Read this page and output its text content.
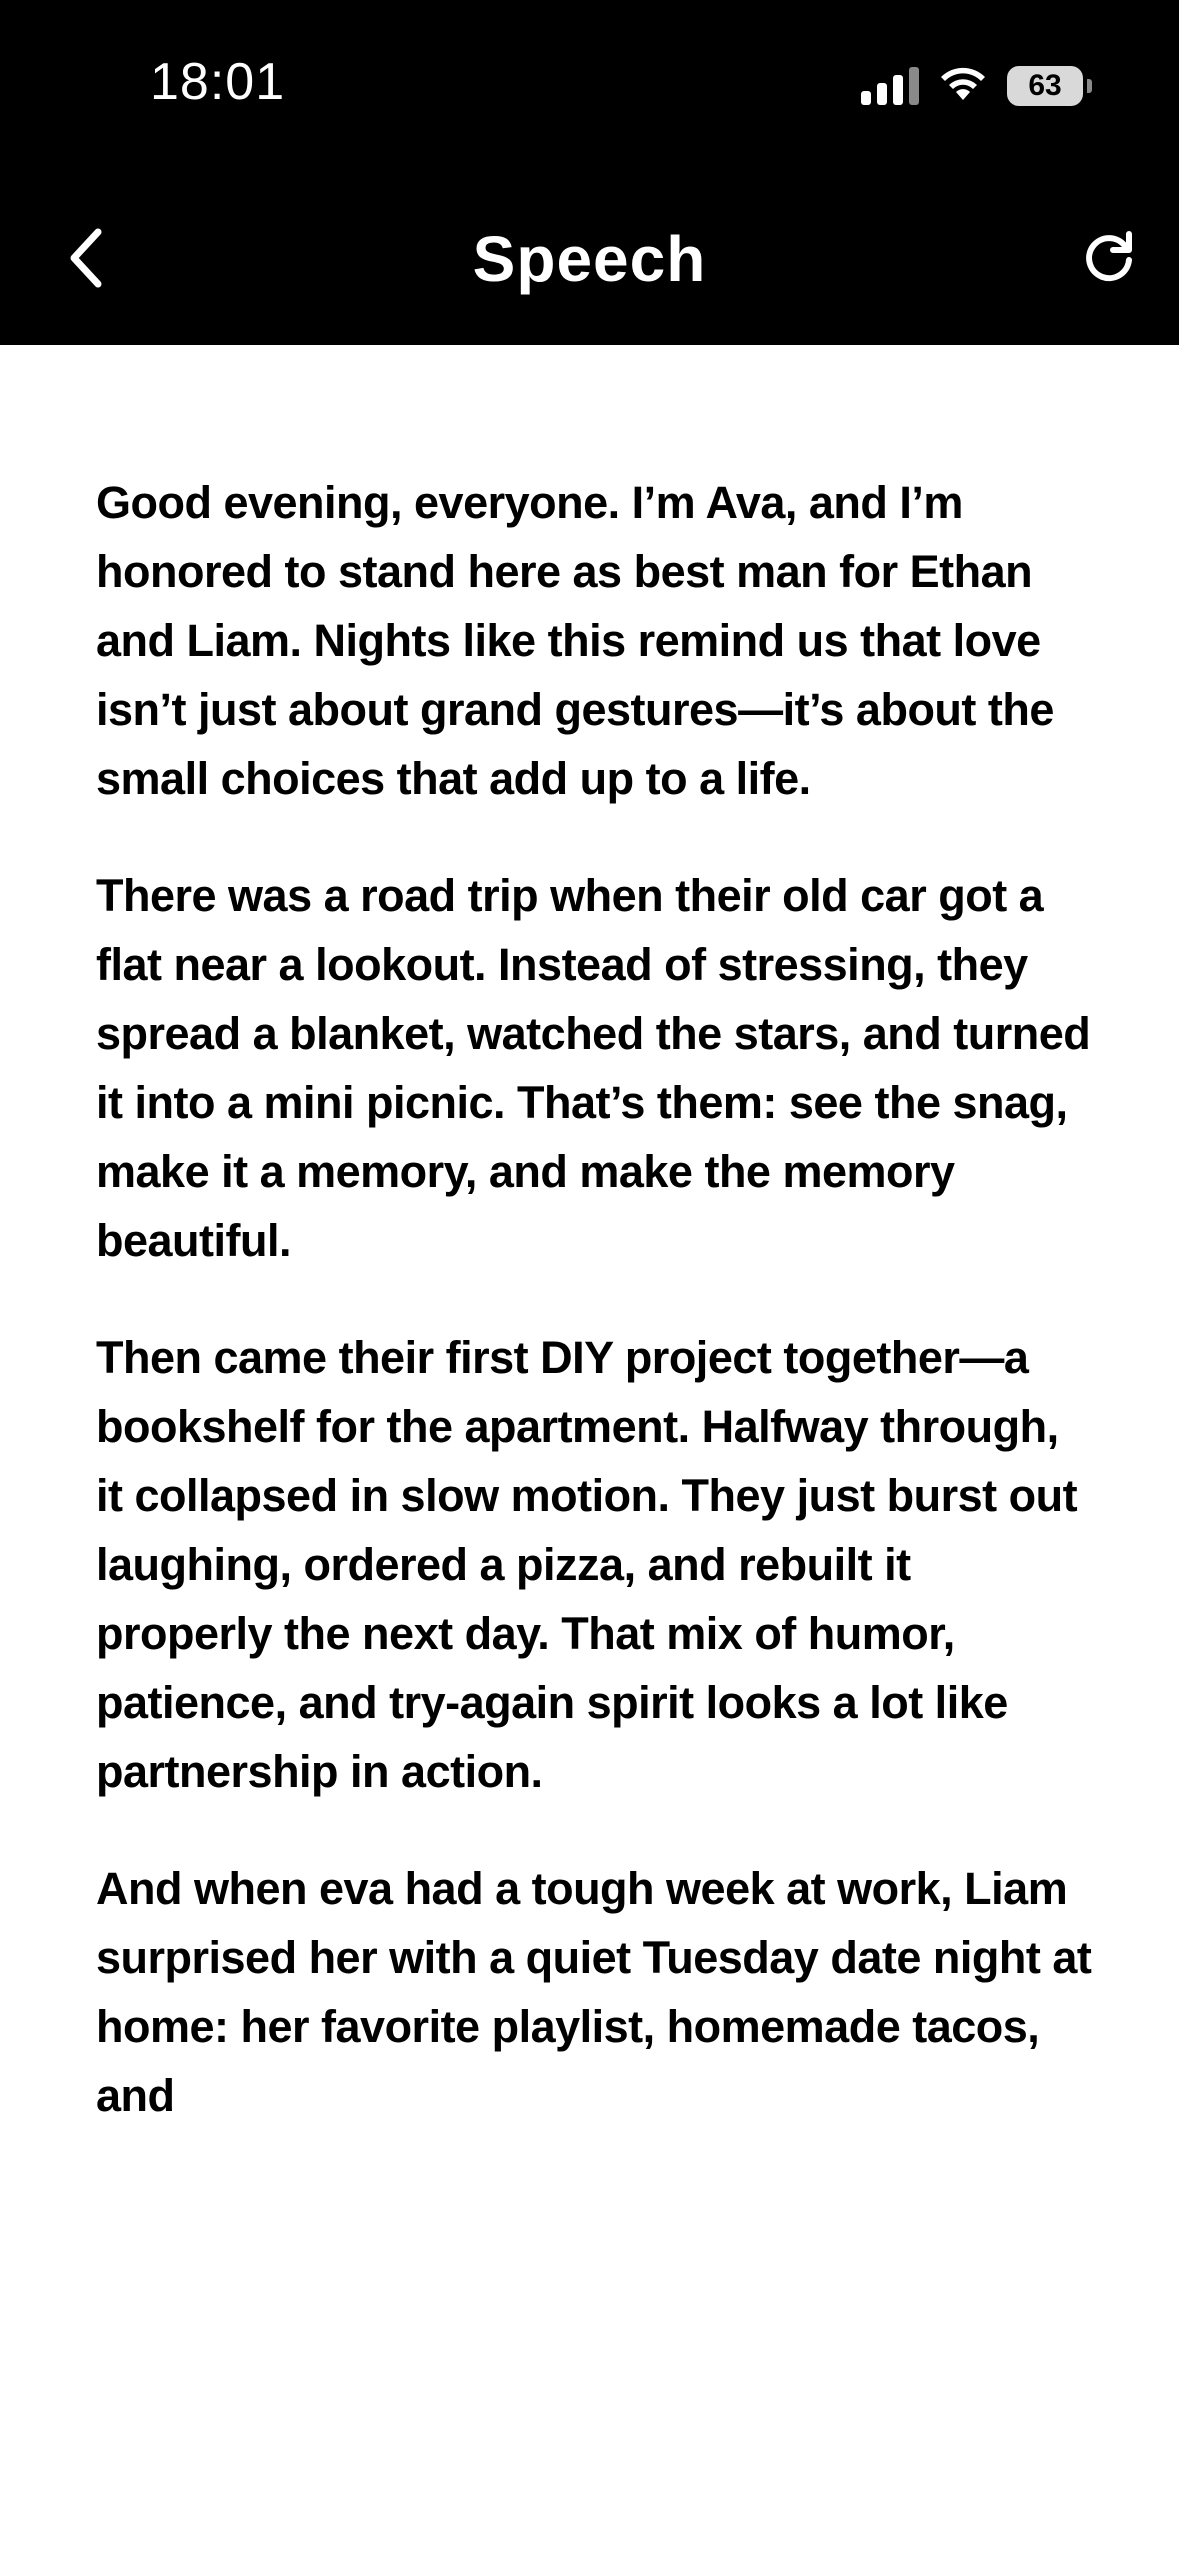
18:01	63
Speech

Good evening, everyone. I’m Ava, and I’m honored to stand here as best man for Ethan and Liam. Nights like this remind us that love isn’t just about grand gestures—it’s about the small choices that add up to a life.

There was a road trip when their old car got a flat near a lookout. Instead of stressing, they spread a blanket, watched the stars, and turned it into a mini picnic. That’s them: see the snag, make it a memory, and make the memory beautiful.

Then came their first DIY project together—a bookshelf for the apartment. Halfway through, it collapsed in slow motion. They just burst out laughing, ordered a pizza, and rebuilt it properly the next day. That mix of humor, patience, and try-again spirit looks a lot like partnership in action.

And when eva had a tough week at work, Liam surprised her with a quiet Tuesday date night at home: her favorite playlist, homemade tacos, and
